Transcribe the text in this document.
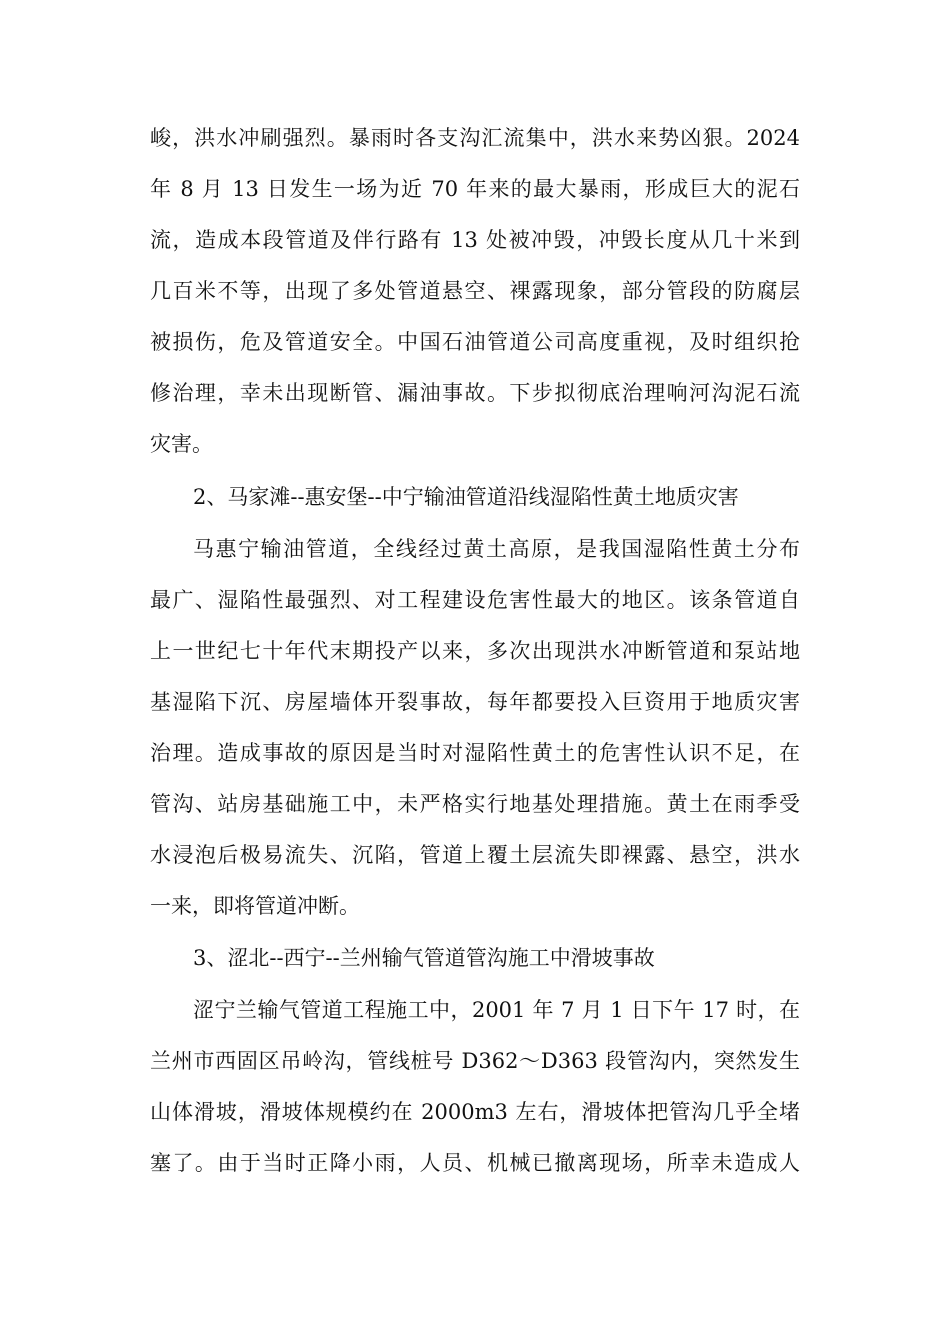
峻，洪水冲刷强烈。暴雨时各支沟汇流集中，洪水来势凶狠。2024
年 8 月 13 日发生一场为近 70 年来的最大暴雨，形成巨大的泥石
流，造成本段管道及伴行路有 13 处被冲毁，冲毁长度从几十米到
几百米不等，出现了多处管道悬空、裸露现象，部分管段的防腐层
被损伤，危及管道安全。中国石油管道公司高度重视，及时组织抢
修治理，幸未出现断管、漏油事故。下步拟彻底治理响河沟泥石流
灾害。
2、马家滩--惠安堡--中宁输油管道沿线湿陷性黄土地质灾害
马惠宁输油管道，全线经过黄土高原，是我国湿陷性黄土分布
最广、湿陷性最强烈、对工程建设危害性最大的地区。该条管道自
上一世纪七十年代末期投产以来，多次出现洪水冲断管道和泵站地
基湿陷下沉、房屋墙体开裂事故，每年都要投入巨资用于地质灾害
治理。造成事故的原因是当时对湿陷性黄土的危害性认识不足，在
管沟、站房基础施工中，未严格实行地基处理措施。黄土在雨季受
水浸泡后极易流失、沉陷，管道上覆土层流失即裸露、悬空，洪水
一来，即将管道冲断。
3、涩北--西宁--兰州输气管道管沟施工中滑坡事故
涩宁兰输气管道工程施工中，2001 年 7 月 1 日下午 17 时，在
兰州市西固区吊岭沟，管线桩号 D362～D363 段管沟内，突然发生
山体滑坡，滑坡体规模约在 2000m3 左右，滑坡体把管沟几乎全堵
塞了。由于当时正降小雨，人员、机械已撤离现场，所幸未造成人
